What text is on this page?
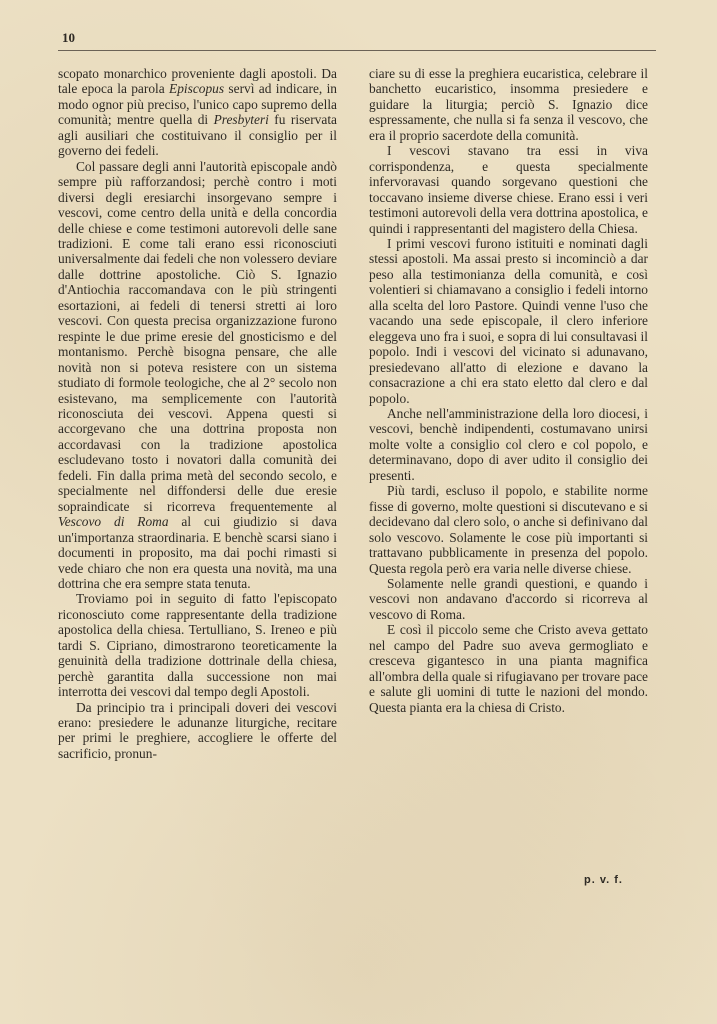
10

scopato monarchico proveniente dagli apostoli. Da tale epoca la parola Episcopus servì ad indicare, in modo ognor più preciso, l'unico capo supremo della comunità; mentre quella di Presbyteri fu riservata agli ausiliari che costituivano il consiglio per il governo dei fedeli.

Col passare degli anni l'autorità episcopale andò sempre più rafforzandosi; perchè contro i moti diversi degli eresiarchi insorgevano sempre i vescovi, come centro della unità e della concordia delle chiese e come testimoni autorevoli delle sane tradizioni. E come tali erano essi riconosciuti universalmente dai fedeli che non volessero deviare dalle dottrine apostoliche. Ciò S. Ignazio d'Antiochia raccomandava con le più stringenti esortazioni, ai fedeli di tenersi stretti ai loro vescovi. Con questa precisa organizzazione furono respinte le due prime eresie del gnosticismo e del montanismo. Perchè bisogna pensare, che alle novità non si poteva resistere con un sistema studiato di formole teologiche, che al 2° secolo non esistevano, ma semplicemente con l'autorità riconosciuta dei vescovi. Appena questi si accorgevano che una dottrina proposta non accordavasi con la tradizione apostolica escludevano tosto i novatori dalla comunità dei fedeli. Fin dalla prima metà del secondo secolo, e specialmente nel diffondersi delle due eresie sopraindicate si ricorreva frequentemente al Vescovo di Roma al cui giudizio si dava un'importanza straordinaria. E benchè scarsi siano i documenti in proposito, ma dai pochi rimasti si vede chiaro che non era questa una novità, ma una dottrina che era sempre stata tenuta.

Troviamo poi in seguito di fatto l'episcopato riconosciuto come rappresentante della tradizione apostolica della chiesa. Tertulliano, S. Ireneo e più tardi S. Cipriano, dimostrarono teoreticamente la genuinità della tradizione dottrinale della chiesa, perchè garantita dalla successione non mai interrotta dei vescovi dal tempo degli Apostoli.

Da principio tra i principali doveri dei vescovi erano: presiedere le adunanze liturgiche, recitare per primi le preghiere, accogliere le offerte del sacrificio, pronun-

ciare su di esse la preghiera eucaristica, celebrare il banchetto eucaristico, insomma presiedere e guidare la liturgia; perciò S. Ignazio dice espressamente, che nulla si fa senza il vescovo, che era il proprio sacerdote della comunità.

I vescovi stavano tra essi in viva corrispondenza, e questa specialmente infervoravasi quando sorgevano questioni che toccavano insieme diverse chiese. Erano essi i veri testimoni autorevoli della vera dottrina apostolica, e quindi i rappresentanti del magistero della Chiesa.

I primi vescovi furono istituiti e nominati dagli stessi apostoli. Ma assai presto si incominciò a dar peso alla testimonianza della comunità, e così volentieri si chiamavano a consiglio i fedeli intorno alla scelta del loro Pastore. Quindi venne l'uso che vacando una sede episcopale, il clero inferiore eleggeva uno fra i suoi, e sopra di lui consultavasi il popolo. Indi i vescovi del vicinato si adunavano, presiedevano all'atto di elezione e davano la consacrazione a chi era stato eletto dal clero e dal popolo.

Anche nell'amministrazione della loro diocesi, i vescovi, benchè indipendenti, costumavano unirsi molte volte a consiglio col clero e col popolo, e determinavano, dopo di aver udito il consiglio dei presenti.

Più tardi, escluso il popolo, e stabilite norme fisse di governo, molte questioni si discutevano e si decidevano dal clero solo, o anche si definivano dal solo vescovo. Solamente le cose più importanti si trattavano pubblicamente in presenza del popolo. Questa regola però era varia nelle diverse chiese.

Solamente nelle grandi questioni, e quando i vescovi non andavano d'accordo si ricorreva al vescovo di Roma.

E così il piccolo seme che Cristo aveva gettato nel campo del Padre suo aveva germogliato e cresceva gigantesco in una pianta magnifica all'ombra della quale si rifugiavano per trovare pace e salute gli uomini di tutte le nazioni del mondo. Questa pianta era la chiesa di Cristo.

p. v. f.
